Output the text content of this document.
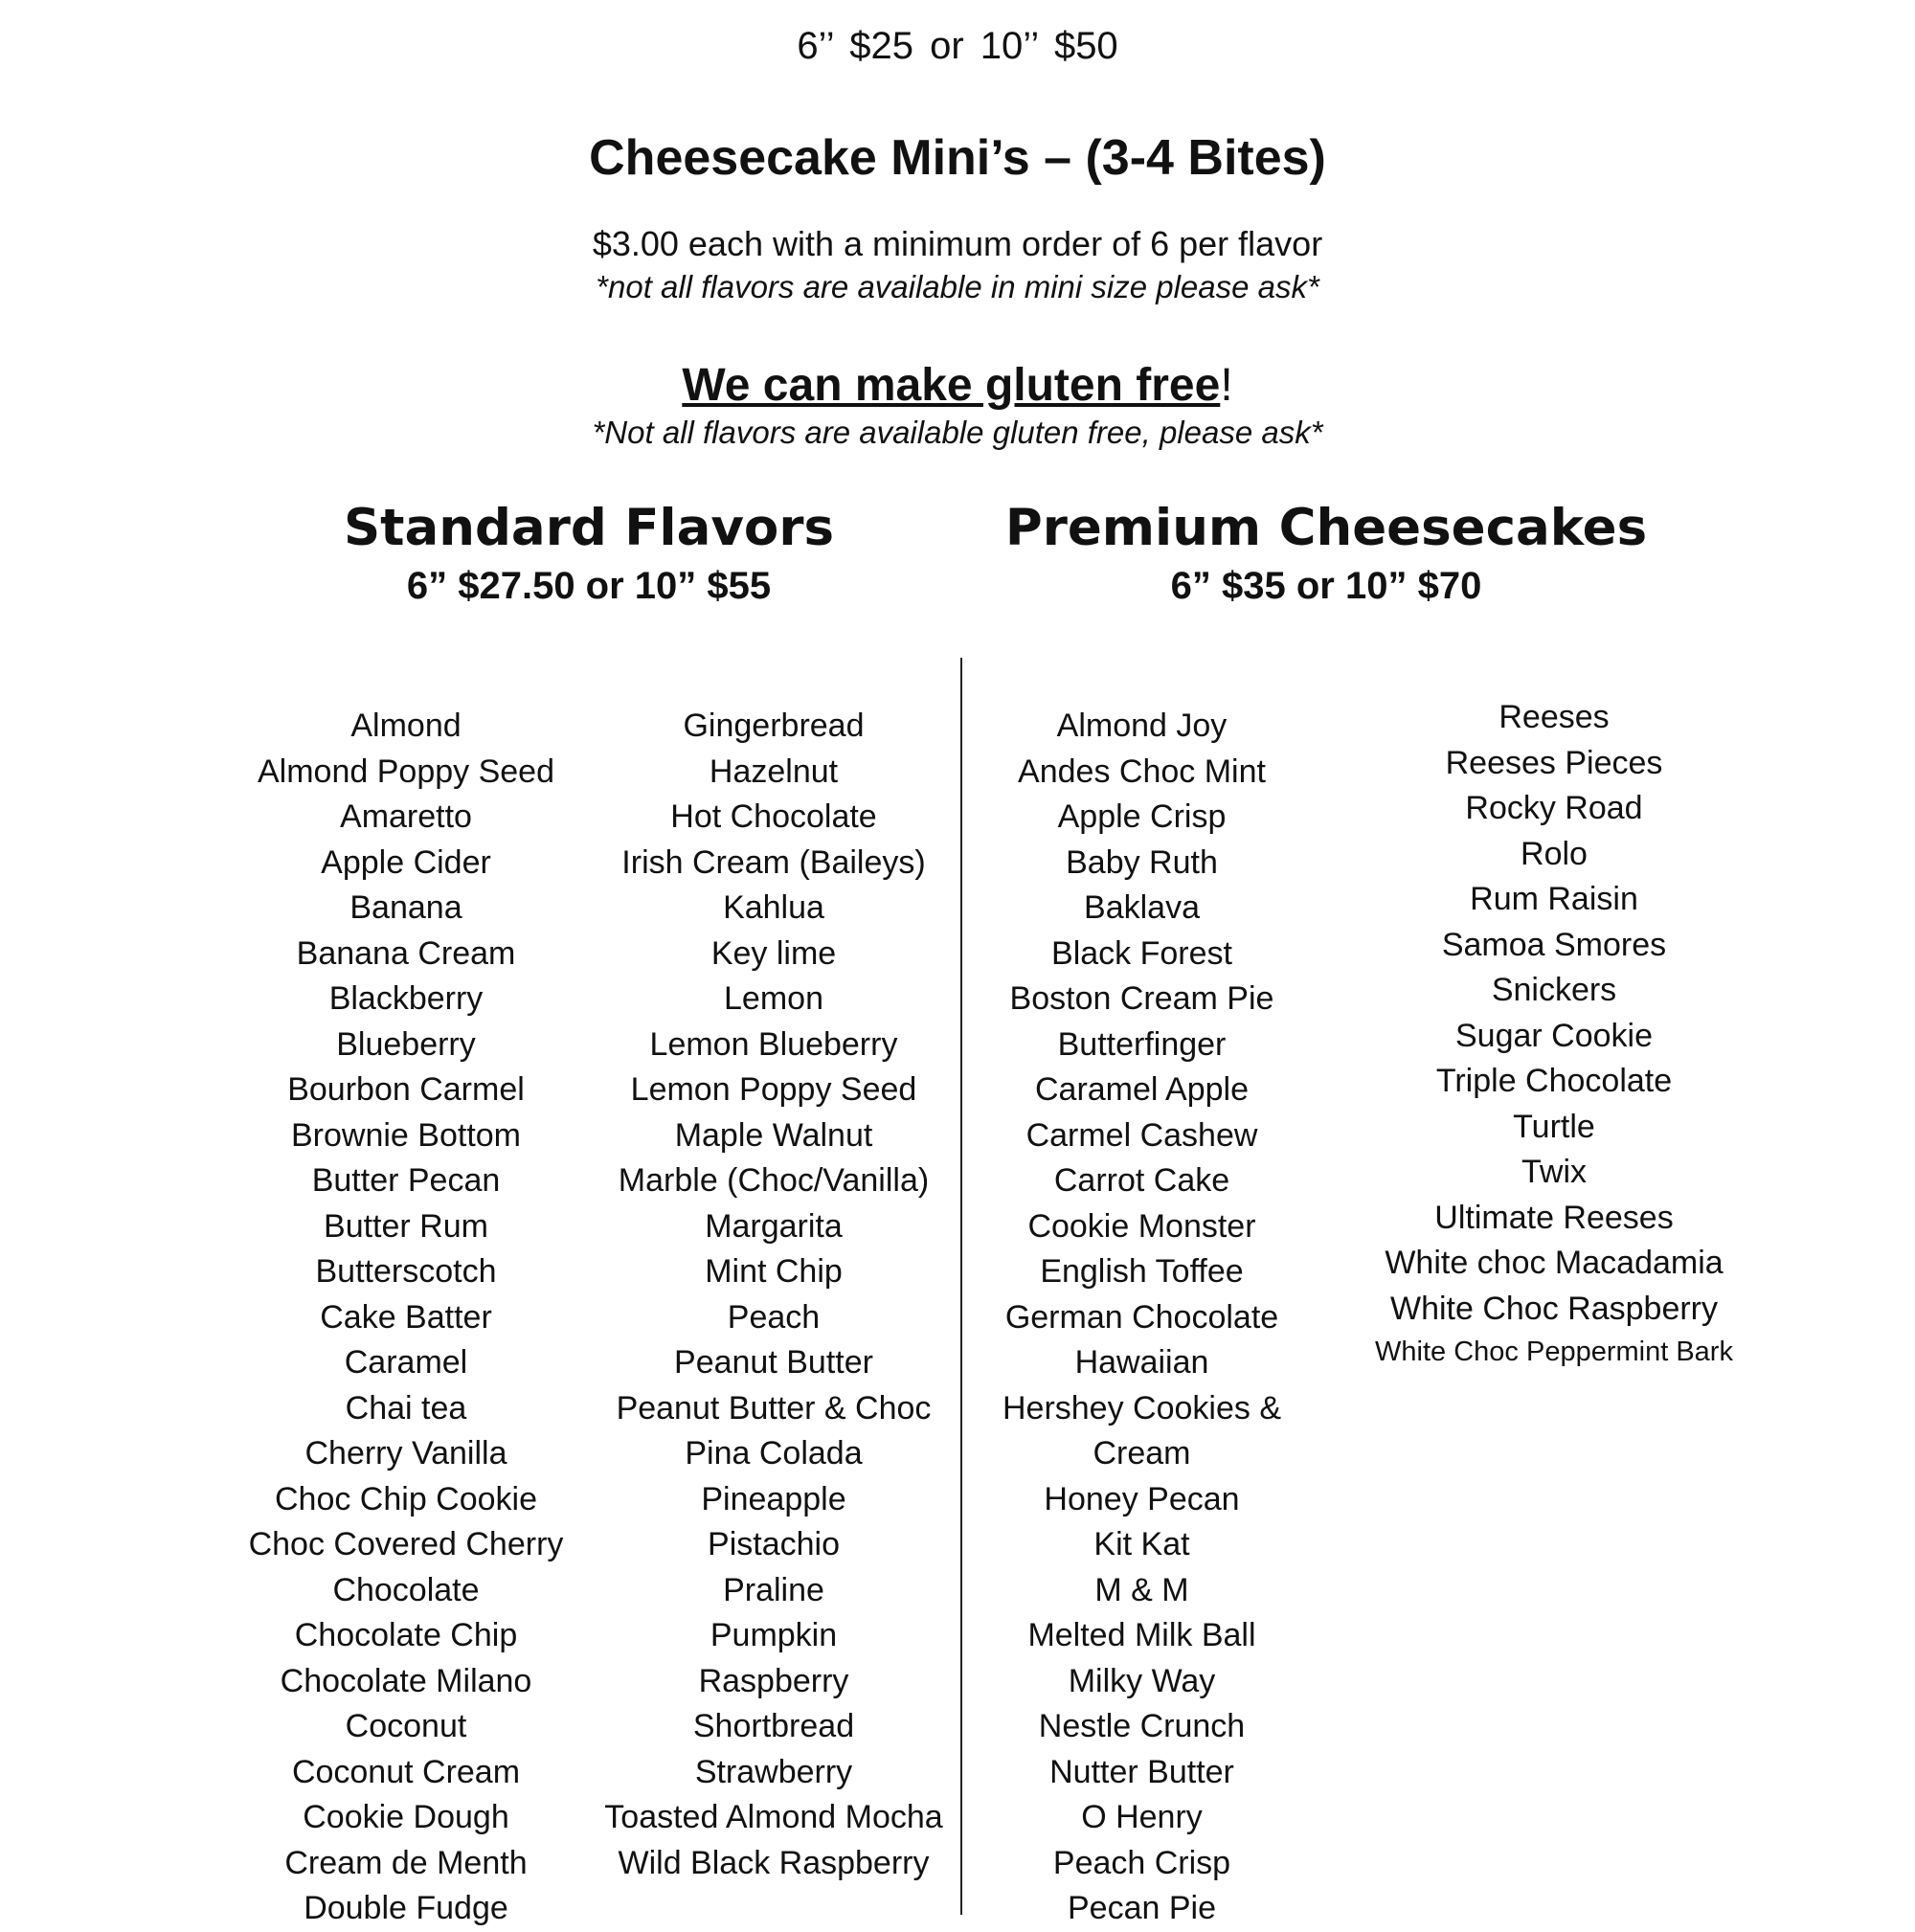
6’’ $25 or 10’’ $50
Cheesecake Mini’s – (3-4 Bites)
$3.00 each with a minimum order of 6 per flavor
*not all flavors are available in mini size please ask*
We can make gluten free!
*Not all flavors are available gluten free, please ask*
Standard Flavors
6” $27.50 or 10” $55
Premium Cheesecakes
6” $35 or 10” $70
Almond
Almond Poppy Seed
Amaretto
Apple Cider
Banana
Banana Cream
Blackberry
Blueberry
Bourbon Carmel
Brownie Bottom
Butter Pecan
Butter Rum
Butterscotch
Cake Batter
Caramel
Chai tea
Cherry Vanilla
Choc Chip Cookie
Choc Covered Cherry
Chocolate
Chocolate Chip
Chocolate Milano
Coconut
Coconut Cream
Cookie Dough
Cream de Menth
Double Fudge
Gingerbread
Hazelnut
Hot Chocolate
Irish Cream (Baileys)
Kahlua
Key lime
Lemon
Lemon Blueberry
Lemon Poppy Seed
Maple Walnut
Marble (Choc/Vanilla)
Margarita
Mint Chip
Peach
Peanut Butter
Peanut Butter & Choc
Pina Colada
Pineapple
Pistachio
Praline
Pumpkin
Raspberry
Shortbread
Strawberry
Toasted Almond Mocha
Wild Black Raspberry
Almond Joy
Andes Choc Mint
Apple Crisp
Baby Ruth
Baklava
Black Forest
Boston Cream Pie
Butterfinger
Caramel Apple
Carmel Cashew
Carrot Cake
Cookie Monster
English Toffee
German Chocolate
Hawaiian
Hershey Cookies & Cream
Honey Pecan
Kit Kat
M & M
Melted Milk Ball
Milky Way
Nestle Crunch
Nutter Butter
O Henry
Peach Crisp
Pecan Pie
Reeses
Reeses Pieces
Rocky Road
Rolo
Rum Raisin
Samoa Smores
Snickers
Sugar Cookie
Triple Chocolate
Turtle
Twix
Ultimate Reeses
White choc Macadamia
White Choc Raspberry
White Choc Peppermint Bark
